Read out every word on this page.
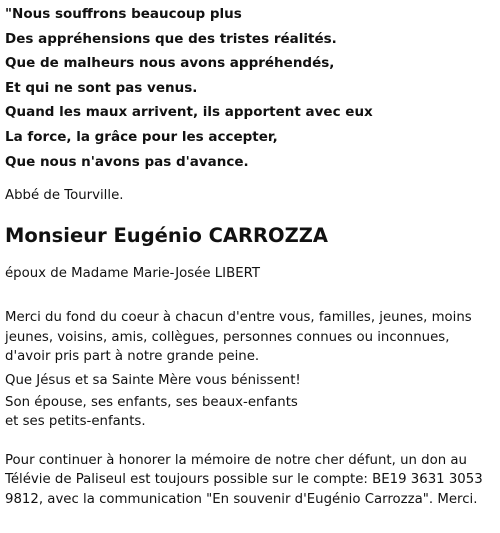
"Nous souffrons beaucoup plus
Des appréhensions que des tristes réalités.
Que de malheurs nous avons appréhendés,
Et qui ne sont pas venus.
Quand les maux arrivent, ils apportent avec eux
La force, la grâce pour les accepter,
Que nous n'avons pas d'avance.
Abbé de Tourville.
Monsieur Eugénio CARROZZA
époux de Madame Marie-Josée LIBERT

Merci du fond du coeur à chacun d'entre vous, familles, jeunes, moins jeunes, voisins, amis, collègues, personnes connues ou inconnues, d'avoir pris part à notre grande peine.

Que Jésus et sa Sainte Mère vous bénissent!

Son épouse, ses enfants, ses beaux-enfants
et ses petits-enfants.

Pour continuer à honorer la mémoire de notre cher défunt, un don au Télévie de Paliseul est toujours possible sur le compte: BE19 3631 3053 9812, avec la communication "En souvenir d'Eugénio Carrozza". Merci.
